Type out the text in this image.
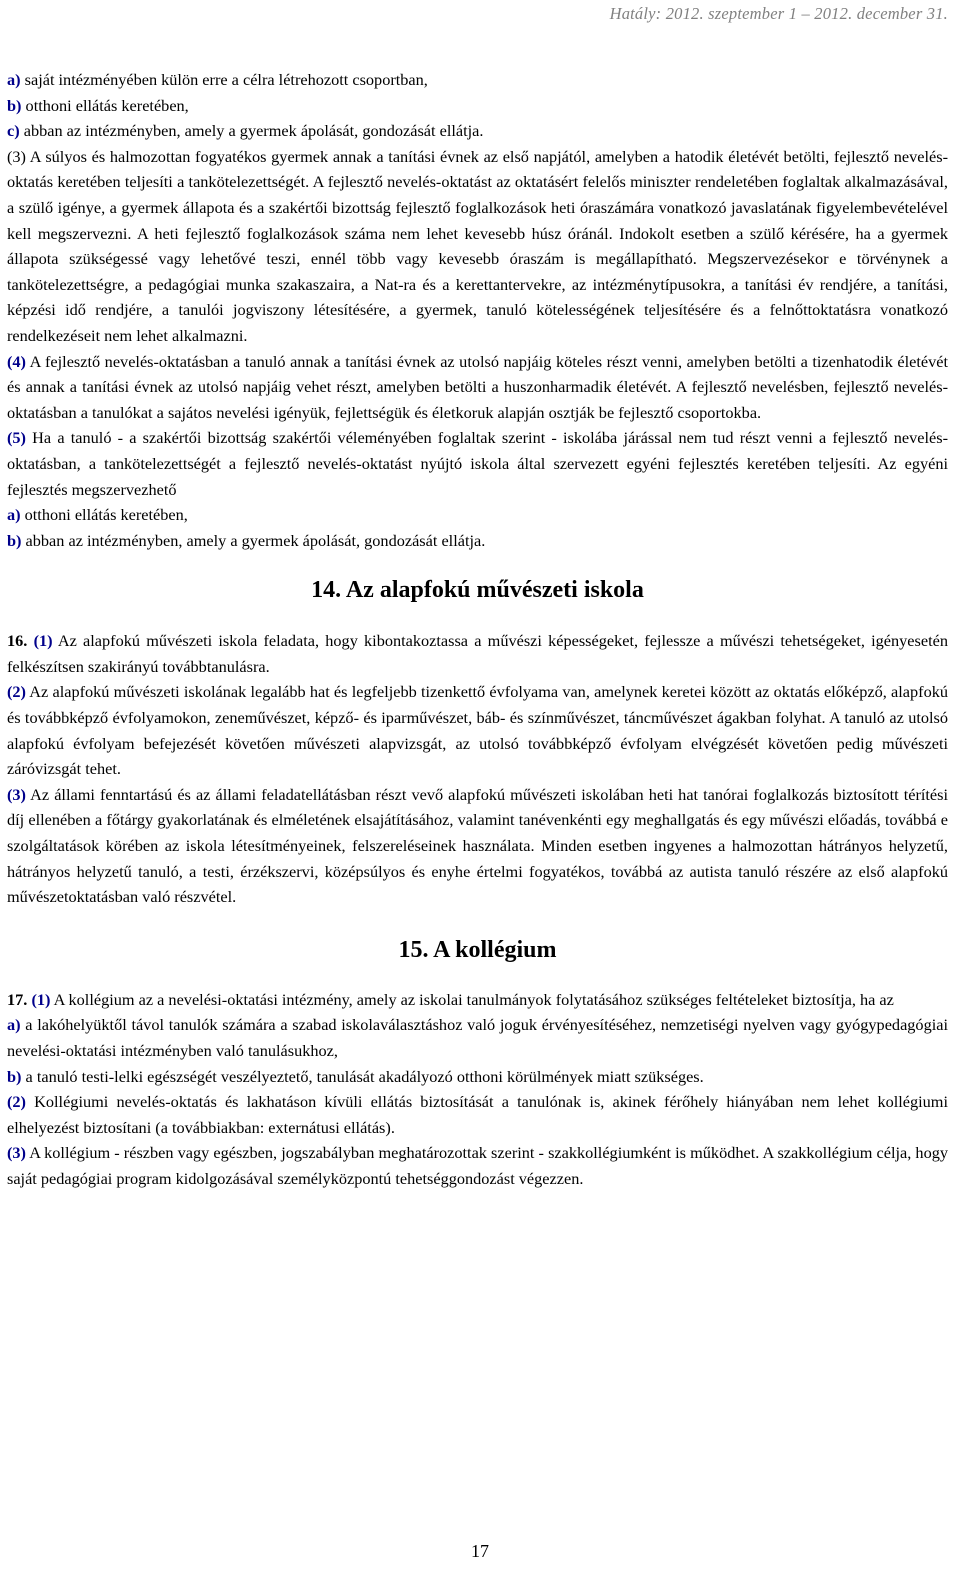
Hatály: 2012. szeptember 1 – 2012. december 31.

a) saját intézményében külön erre a célra létrehozott csoportban,

b) otthoni ellátás keretében,

c) abban az intézményben, amely a gyermek ápolását, gondozását ellátja.

(3) A súlyos és halmozottan fogyatékos gyermek annak a tanítási évnek az első napjától, amelyben a hatodik életévét betölti, fejlesztő nevelés-oktatás keretében teljesíti a tankötelezettségét. A fejlesztő nevelés-oktatást az oktatásért felelős miniszter rendeletében foglaltak alkalmazásával, a szülő igénye, a gyermek állapota és a szakértői bizottság fejlesztő foglalkozások heti óraszámára vonatkozó javaslatának figyelembevételével kell megszervezni. A heti fejlesztő foglalkozások száma nem lehet kevesebb húsz óránál. Indokolt esetben a szülő kérésére, ha a gyermek állapota szükségessé vagy lehetővé teszi, ennél több vagy kevesebb óraszám is megállapítható. Megszervezésekor e törvénynek a tankötelezettségre, a pedagógiai munka szakaszaira, a Nat-ra és a kerettantervekre, az intézménytípusokra, a tanítási év rendjére, a tanítási, képzési idő rendjére, a tanulói jogviszony létesítésére, a gyermek, tanuló kötelességének teljesítésére és a felnőttoktatásra vonatkozó rendelkezéseit nem lehet alkalmazni.

(4) A fejlesztő nevelés-oktatásban a tanuló annak a tanítási évnek az utolsó napjáig köteles részt venni, amelyben betölti a tizenhatodik életévét és annak a tanítási évnek az utolsó napjáig vehet részt, amelyben betölti a huszonharmadik életévét. A fejlesztő nevelésben, fejlesztő nevelés-oktatásban a tanulókat a sajátos nevelési igényük, fejlettségük és életkoruk alapján osztják be fejlesztő csoportokba.

(5) Ha a tanuló - a szakértői bizottság szakértői véleményében foglaltak szerint - iskolába járással nem tud részt venni a fejlesztő nevelés-oktatásban, a tankötelezettségét a fejlesztő nevelés-oktatást nyújtó iskola által szervezett egyéni fejlesztés keretében teljesíti. Az egyéni fejlesztés megszervezhető

a) otthoni ellátás keretében,

b) abban az intézményben, amely a gyermek ápolását, gondozását ellátja.

14. Az alapfokú művészeti iskola

16. (1) Az alapfokú művészeti iskola feladata, hogy kibontakoztassa a művészi képességeket, fejlessze a művészi tehetségeket, igényesetén felkészítsen szakirányú továbbtanulásra.

(2) Az alapfokú művészeti iskolának legalább hat és legfeljebb tizenkettő évfolyama van, amelynek keretei között az oktatás előképző, alapfokú és továbbképző évfolyamokon, zeneművészet, képző- és iparművészet, báb- és színművészet, táncművészet ágakban folyhat. A tanuló az utolsó alapfokú évfolyam befejezését követően művészeti alapvizsgát, az utolsó továbbképző évfolyam elvégzését követően pedig művészeti záróvizsgát tehet.

(3) Az állami fenntartású és az állami feladatellátásban részt vevő alapfokú művészeti iskolában heti hat tanórai foglalkozás biztosított térítési díj ellenében a főtárgy gyakorlatának és elméletének elsajátításához, valamint tanévenkénti egy meghallgatás és egy művészi előadás, továbbá e szolgáltatások körében az iskola létesítményeinek, felszereléseinek használata. Minden esetben ingyenes a halmozottan hátrányos helyzetű, hátrányos helyzetű tanuló, a testi, érzékszervi, középsúlyos és enyhe értelmi fogyatékos, továbbá az autista tanuló részére az első alapfokú művészetoktatásban való részvétel.

15. A kollégium

17. (1) A kollégium az a nevelési-oktatási intézmény, amely az iskolai tanulmányok folytatásához szükséges feltételeket biztosítja, ha az

a) a lakóhelyüktől távol tanulók számára a szabad iskolaválasztáshoz való joguk érvényesítéséhez, nemzetiségi nyelven vagy gyógypedagógiai nevelési-oktatási intézményben való tanulásukhoz,

b) a tanuló testi-lelki egészségét veszélyeztető, tanulását akadályozó otthoni körülmények miatt szükséges.

(2) Kollégiumi nevelés-oktatás és lakhatáson kívüli ellátás biztosítását a tanulónak is, akinek férőhely hiányában nem lehet kollégiumi elhelyezést biztosítani (a továbbiakban: externátusi ellátás).

(3) A kollégium - részben vagy egészben, jogszabályban meghatározottak szerint - szakkollégiumként is működhet. A szakkollégium célja, hogy saját pedagógiai program kidolgozásával személyközpontú tehetséggondozást végezzen.

17
